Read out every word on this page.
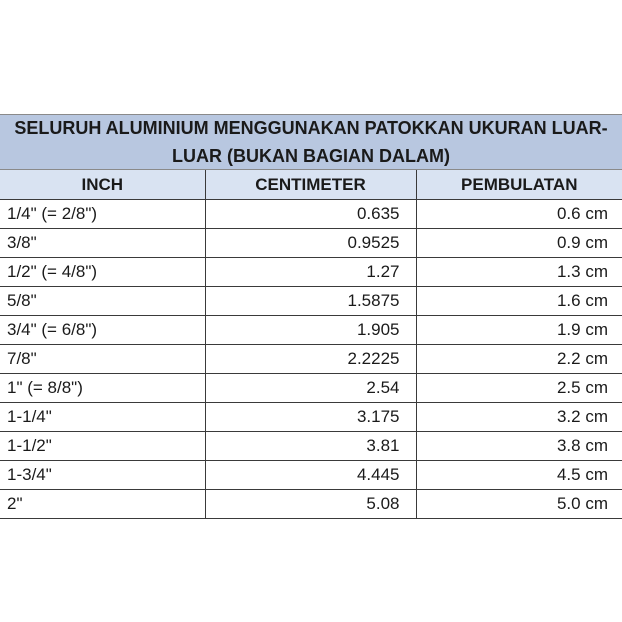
SELURUH ALUMINIUM MENGGUNAKAN PATOKKAN UKURAN LUAR-LUAR (BUKAN BAGIAN DALAM)
INCH	CENTIMETER	PEMBULATAN
1/4" (= 2/8")	0.635	0.6 cm
3/8"	0.9525	0.9 cm
1/2" (= 4/8")	1.27	1.3 cm
5/8"	1.5875	1.6 cm
3/4" (= 6/8")	1.905	1.9 cm
7/8"	2.2225	2.2 cm
1" (= 8/8")	2.54	2.5 cm
1-1/4"	3.175	3.2 cm
1-1/2"	3.81	3.8 cm
1-3/4"	4.445	4.5 cm
2"	5.08	5.0 cm
